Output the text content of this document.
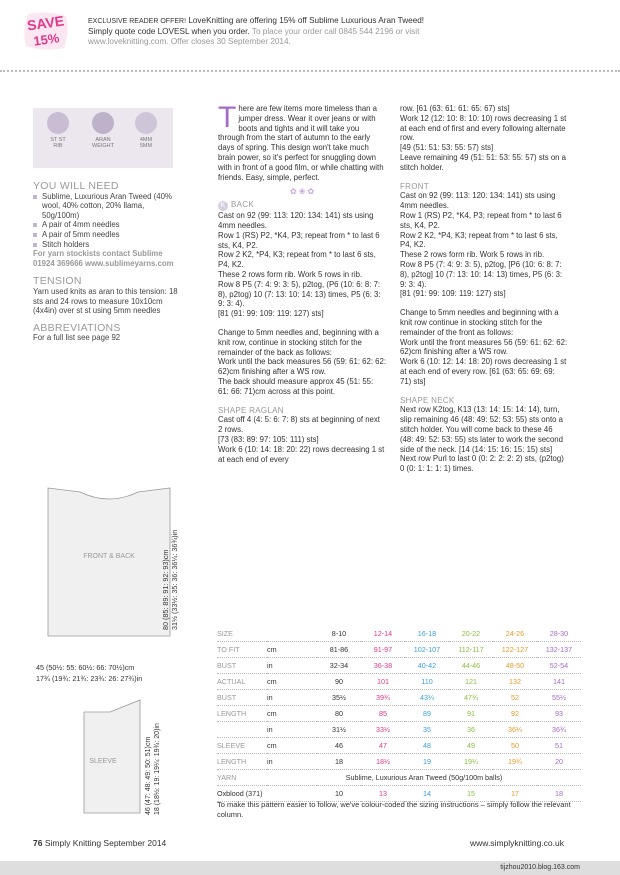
SAVE
15%
EXCLUSIVE READER OFFER! LoveKnitting are offering 15% off Sublime Luxurious Aran Tweed!
Simply quote code LOVESL when you order. To place your order call 0845 544 2196 or visit
www.loveknitting.com. Offer closes 30 September 2014.
ST ST
RIB
ARAN
WEIGHT
4MM
5MM
YOU WILL NEED
Sublime, Luxurious Aran Tweed (40% wool, 40% cotton, 20% llama, 50g/100m)
A pair of 4mm needles
A pair of 5mm needles
Stitch holders
For yarn stockists contact Sublime 01924 369666 www.sublimeyarns.com
TENSION
Yarn used knits as aran to this tension: 18 sts and 24 rows to measure 10x10cm (4x4in) over st st using 5mm needles
ABBREVIATIONS
For a full list see page 92
FRONT & BACK	80 (85: 89: 91: 92: 93)cm 31½ (33½: 35: 36: 36¼: 36¾)in
45 (50½: 55: 60½: 66: 70½)cm
17¾ (19¾: 21¾: 23¾: 26: 27¾)in
SLEEVE	46 (47: 48: 49: 50: 51)cm 18 (18½: 19: 19¼: 19¾: 20)in

There are few items more timeless than a jumper dress. Wear it over jeans or with boots and tights and it will take you through from the start of autumn to the early days of spring. This design won't take much brain power, so it's perfect for snuggling down with in front of a good film, or while chatting with friends. Easy, simple, perfect.

✿ ❀ ✿
K BACK

Cast on 92 (99: 113: 120: 134: 141) sts using 4mm needles.

Row 1 (RS) P2, *K4, P3; repeat from * to last 6 sts, K4, P2.

Row 2 K2, *P4, K3; repeat from * to last 6 sts, P4, K2.

These 2 rows form rib. Work 5 rows in rib.

Row 8 P5 (7: 4: 9: 3: 5), p2tog, (P6 (10: 6: 8: 7: 8), p2tog) 10 (7: 13: 10: 14: 13) times, P5 (6: 3: 9: 3: 4).

[81 (91: 99: 109: 119: 127) sts]

Change to 5mm needles and, beginning with a knit row, continue in stocking stitch for the remainder of the back as follows:

Work until the back measures 56 (59: 61: 62: 62: 62)cm finishing after a WS row.

The back should measure approx 45 (51: 55: 61: 66: 71)cm across at this point.

SHAPE RAGLAN

Cast off 4 (4: 5: 6: 7: 8) sts at beginning of next 2 rows.

[73 (83: 89: 97: 105: 111) sts]

Work 6 (10: 14: 18: 20: 22) rows decreasing 1 st at each end of every

row. [61 (63: 61: 61: 65: 67) sts]

Work 12 (12: 10: 8: 10: 10) rows decreasing 1 st at each end of first and every following alternate row.

[49 (51: 51: 53: 55: 57) sts]

Leave remaining 49 (51: 51: 53: 55: 57) sts on a stitch holder.

FRONT

Cast on 92 (99: 113: 120: 134: 141) sts using 4mm needles.

Row 1 (RS) P2, *K4, P3; repeat from * to last 6 sts, K4, P2.

Row 2 K2, *P4, K3; repeat from * to last 6 sts, P4, K2.

These 2 rows form rib. Work 5 rows in rib.

Row 8 P5 (7: 4: 9: 3: 5), p2tog, [P6 (10: 6: 8: 7: 8), p2tog] 10 (7: 13: 10: 14: 13) times, P5 (6: 3: 9: 3: 4).

[81 (91: 99: 109: 119: 127) sts]

Change to 5mm needles and beginning with a knit row continue in stocking stitch for the remainder of the front as follows:

Work until the front measures 56 (59: 61: 62: 62: 62)cm finishing after a WS row.

Work 6 (10: 12: 14: 18: 20) rows decreasing 1 st at each end of every row. [61 (63: 65: 69: 69: 71) sts]

SHAPE NECK

Next row K2tog, K13 (13: 14: 15: 14: 14), turn, slip remaining 46 (48: 49: 52: 53: 55) sts onto a stitch holder. You will come back to these 46 (48: 49: 52: 53: 55) sts later to work the second side of the neck. [14 (14: 15: 16: 15: 15) sts]

Next row Purl to last 0 (0: 2: 2: 2: 2) sts, (p2tog) 0 (0: 1: 1: 1: 1) times.

SIZE		8-10	12-14	16-18	20-22	24-26	28-30
TO FIT	cm	81-86	91-97	102-107	112-117	122-127	132-137
BUST	in	32-34	36-38	40-42	44-46	48-50	52-54
ACTUAL	cm	90	101	110	121	132	141
BUST	in	35½	39¾	43¼	47¾	52	55½
LENGTH	cm	80	85	89	91	92	93
	in	31½	33½	35	36	36¼	36¾
SLEEVE	cm	46	47	48	49	50	51
LENGTH	in	18	18½	19	19¼	19¾	20
YARN	Sublime, Luxurious Aran Tweed (50g/100m balls)						
Oxblood (371)		10	13	14	15	17	18
To make this pattern easier to follow, we've colour-coded the sizing instructions – simply follow the relevant column.
76 Simply Knitting September 2014	www.simplyknitting.co.uk
tijzhou2010.blog.163.com
